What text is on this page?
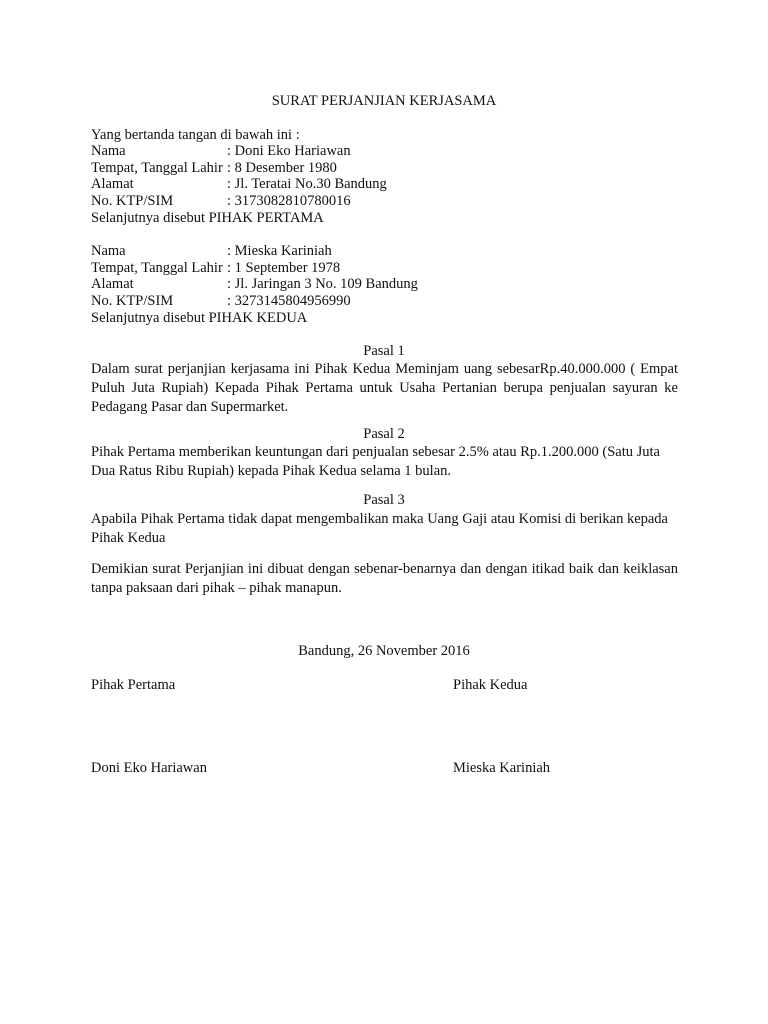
SURAT PERJANJIAN KERJASAMA
Yang bertanda tangan di bawah ini :
Nama	: Doni Eko Hariawan
Tempat, Tanggal Lahir : 8 Desember 1980
Alamat	: Jl. Teratai No.30 Bandung
No. KTP/SIM	: 3173082810780016
Selanjutnya disebut PIHAK PERTAMA
Nama	: Mieska Kariniah
Tempat, Tanggal Lahir : 1 September 1978
Alamat	: Jl. Jaringan 3 No. 109 Bandung
No. KTP/SIM	: 3273145804956990
Selanjutnya disebut PIHAK KEDUA
Pasal 1
Dalam surat perjanjian kerjasama ini Pihak Kedua Meminjam uang sebesarRp.40.000.000 ( Empat Puluh Juta Rupiah) Kepada Pihak Pertama untuk Usaha Pertanian berupa penjualan sayuran ke Pedagang Pasar dan Supermarket.
Pasal 2
Pihak Pertama memberikan keuntungan dari penjualan sebesar 2.5% atau Rp.1.200.000 (Satu Juta Dua Ratus Ribu Rupiah) kepada Pihak Kedua selama 1 bulan.
Pasal 3
Apabila Pihak Pertama tidak dapat mengembalikan maka Uang Gaji atau Komisi di berikan kepada Pihak Kedua
Demikian surat Perjanjian ini dibuat dengan sebenar-benarnya dan dengan itikad baik dan keiklasan tanpa paksaan dari pihak – pihak manapun.
Bandung, 26 November 2016
Pihak Pertama	Pihak Kedua
Doni Eko Hariawan	Mieska Kariniah
